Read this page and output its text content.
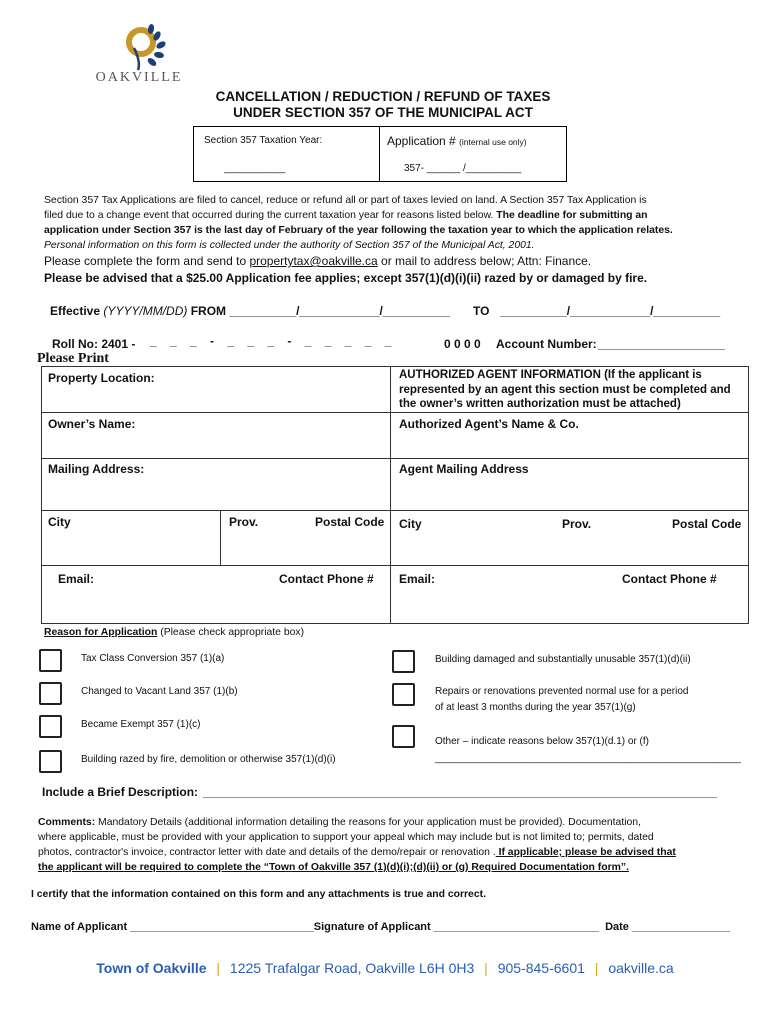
OAKVILLE
CANCELLATION / REDUCTION / REFUND OF TAXES
UNDER SECTION 357 OF THE MUNICIPAL ACT
Section 357 Taxation Year:
___________
Application # (internal use only)
357- ______ /__________
Section 357 Tax Applications are filed to cancel, reduce or refund all or part of taxes levied on land. A Section 357 Tax Application is
filed due to a change event that occurred during the current taxation year for reasons listed below. The deadline for submitting an
application under Section 357 is the last day of February of the year following the taxation year to which the application relates.
Personal information on this form is collected under the authority of Section 357 of the Municipal Act, 2001.
Please complete the form and send to propertytax@oakville.ca or mail to address below; Attn: Finance.
Please be advised that a $25.00 Application fee applies; except 357(1)(d)(i)(ii) razed by or damaged by fire.
Effective (YYYY/MM/DD) FROM __________/____________/__________	TO __________/____________/__________
Roll No: 2401 - _    _    _    -    _    _    _    -    _    _    _    _    _	0 0 0 0 Account Number: ___________________
Please Print
Property Location:	AUTHORIZED AGENT INFORMATION (If the applicant is represented by an agent this section must be completed and the owner’s written authorization must be attached)
Owner’s Name:	Authorized Agent’s Name & Co.
Mailing Address:	Agent Mailing Address
City	Prov.	Postal Code City	Prov.	Postal Code
Email:	Contact Phone # Email:	Contact Phone #
Reason for Application (Please check appropriate box)
Tax Class Conversion 357 (1)(a)
Changed to Vacant Land 357 (1)(b)
Became Exempt 357 (1)(c)
Building razed by fire, demolition or otherwise 357(1)(d)(i)
Building damaged and substantially unusable 357(1)(d)(ii)
Repairs or renovations prevented normal use for a period
of at least 3 months during the year 357(1)(g)
Other – indicate reasons below 357(1)(d.1) or (f)
_______________________________________________________
Include a Brief Description: _____________________________________________________________________________
Comments: Mandatory Details (additional information detailing the reasons for your application must be provided). Documentation,
where applicable, must be provided with your application to support your appeal which may include but is not limited to; permits, dated
photos, contractor's invoice, contractor letter with date and details of the demo/repair or renovation . If applicable; please be advised that
the applicant will be required to complete the “Town of Oakville 357 (1)(d)(i);(d)(ii) or (g) Required Documentation form”.
I certify that the information contained on this form and any attachments is true and correct.
Name of Applicant ______________________________Signature of Applicant ___________________________ Date ________________
Town of Oakville | 1225 Trafalgar Road, Oakville L6H 0H3 | 905-845-6601 | oakville.ca
